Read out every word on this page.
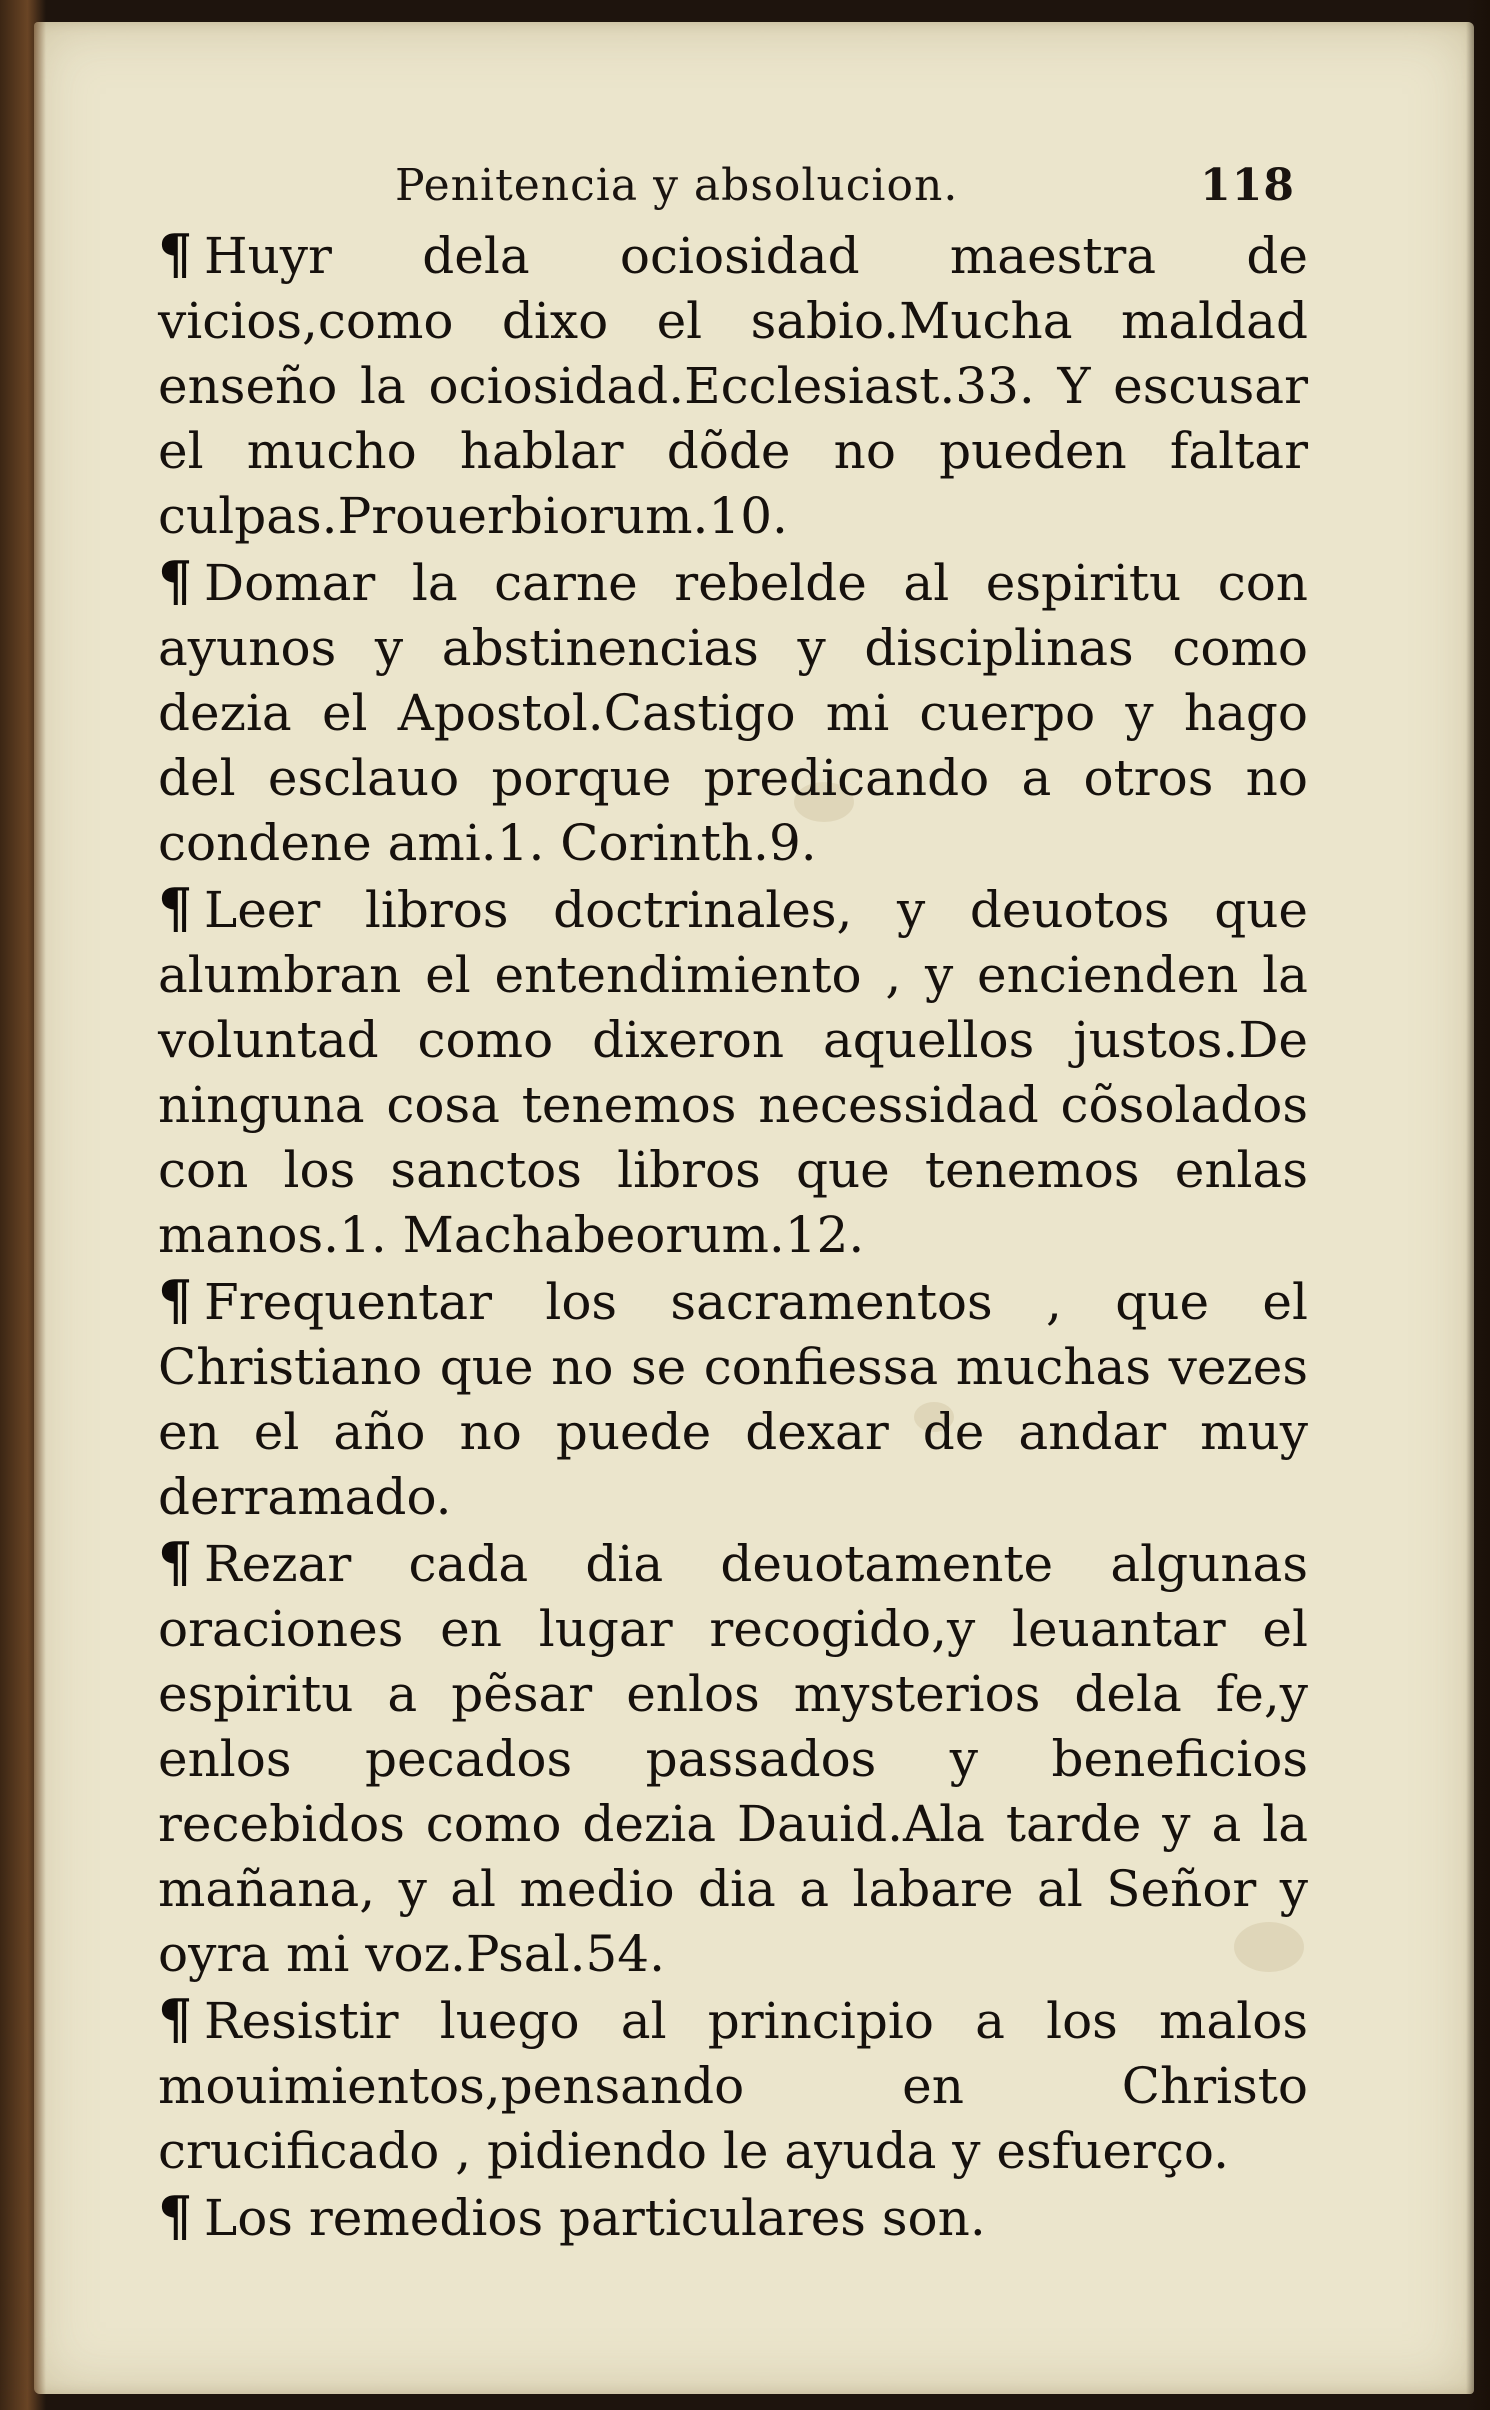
Penitencia y absolucion.	118

¶ Huyr dela ociosidad maestra de vicios,como dixo el sabio.Mucha maldad enseño la ociosidad.Ecclesiast.33. Y escusar el mucho hablar dõde no pueden faltar culpas.Prouerbiorum.10.

¶ Domar la carne rebelde al espiritu con ayunos y abstinencias y disciplinas como dezia el Apostol.Castigo mi cuerpo y hago del esclauo porque predicando a otros no condene ami.1. Corinth.9.

¶ Leer libros doctrinales, y deuotos que alumbran el entendimiento , y encienden la voluntad como dixeron aquellos justos.De ninguna cosa tenemos necessidad cõsolados con los sanctos libros que tenemos enlas manos.1. Machabeorum.12.

¶ Frequentar los sacramentos , que el Christiano que no se confiessa muchas vezes en el año no puede dexar de andar muy derramado.

¶ Rezar cada dia deuotamente algunas oraciones en lugar recogido,y leuantar el espiritu a pẽsar enlos mysterios dela fe,y enlos pecados passados y beneficios recebidos como dezia Dauid.Ala tarde y a la mañana, y al medio dia a labare al Señor y oyra mi voz.Psal.54.

¶ Resistir luego al principio a los malos mouimientos,pensando en Christo crucificado , pidiendo le ayuda y esfuerço.

¶ Los remedios particulares son.
